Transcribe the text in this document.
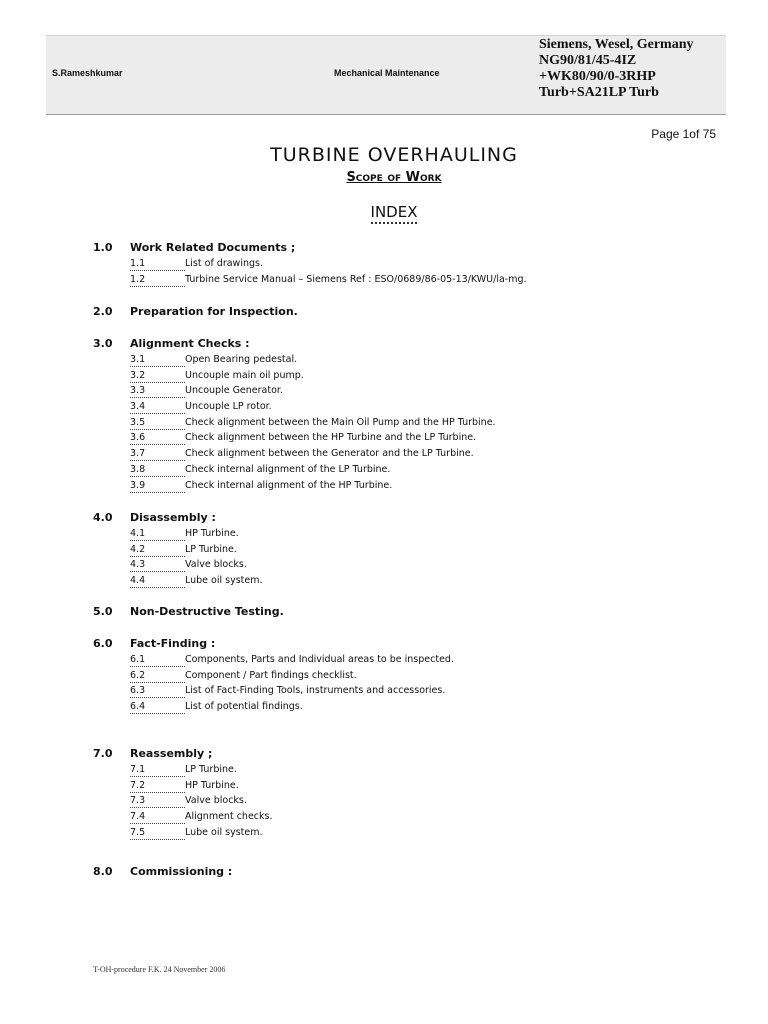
S.Rameshkumar	Mechanical Maintenance
Siemens, Wesel, Germany
NG90/81/45-4IZ
+WK80/90/0-3RHP
Turb+SA21LP Turb
Page 1of 75
TURBINE OVERHAULING
Scope of Work
INDEX
1.0 Work Related Documents ;
1.1	List of drawings.
1.2	Turbine Service Manual – Siemens Ref : ESO/0689/86-05-13/KWU/la-mg.
2.0 Preparation for Inspection.
3.0 Alignment Checks :
3.1	Open Bearing pedestal.
3.2	Uncouple main oil pump.
3.3	Uncouple Generator.
3.4	Uncouple LP rotor.
3.5	Check alignment between the Main Oil Pump and the HP Turbine.
3.6	Check alignment between the HP Turbine and the LP Turbine.
3.7	Check alignment between the Generator and the LP Turbine.
3.8	Check internal alignment of the LP Turbine.
3.9	Check internal alignment of the HP Turbine.
4.0 Disassembly :
4.1	HP Turbine.
4.2	LP Turbine.
4.3	Valve blocks.
4.4	Lube oil system.
5.0 Non-Destructive Testing.
6.0 Fact-Finding :
6.1	Components, Parts and Individual areas to be inspected.
6.2	Component / Part findings checklist.
6.3	List of Fact-Finding Tools, instruments and accessories.
6.4	List of potential findings.
7.0 Reassembly ;
7.1	LP Turbine.
7.2	HP Turbine.
7.3	Valve blocks.
7.4	Alignment checks.
7.5	Lube oil system.
8.0 Commissioning :
T-OH-procedure F.K. 24 November 2006
